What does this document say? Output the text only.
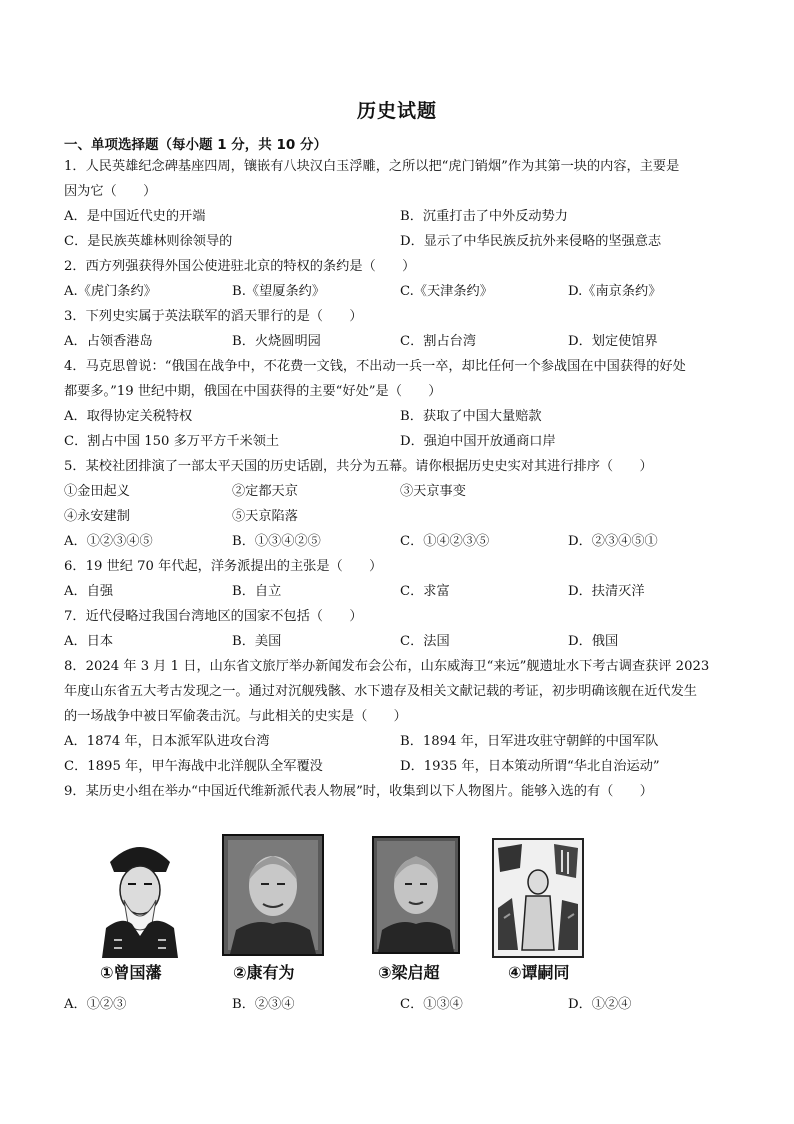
历史试题
一、单项选择题（每小题 1 分，共 10 分）
1．人民英雄纪念碑基座四周，镶嵌有八块汉白玉浮雕，之所以把“虎门销烟”作为其第一块的内容，主要是
因为它（　　）
A．是中国近代史的开端	B．沉重打击了中外反动势力
C．是民族英雄林则徐领导的	D．显示了中华民族反抗外来侵略的坚强意志
2．西方列强获得外国公使进驻北京的特权的条约是（　　）
A.《虎门条约》	B.《望厦条约》	C.《天津条约》	D.《南京条约》
3．下列史实属于英法联军的滔天罪行的是（　　）
A．占领香港岛	B．火烧圆明园	C．割占台湾	D．划定使馆界
4．马克思曾说：“俄国在战争中，不花费一文钱，不出动一兵一卒，却比任何一个参战国在中国获得的好处
都要多。”19 世纪中期，俄国在中国获得的主要“好处”是（　　）
A．取得协定关税特权	B．获取了中国大量赔款
C．割占中国 150 多万平方千米领土	D．强迫中国开放通商口岸
5．某校社团排演了一部太平天国的历史话剧，共分为五幕。请你根据历史史实对其进行排序（　　）
①金田起义	②定都天京	③天京事变
④永安建制	⑤天京陷落
A．①②③④⑤	B．①③④②⑤	C．①④②③⑤	D．②③④⑤①
6．19 世纪 70 年代起，洋务派提出的主张是（　　）
A．自强	B．自立	C．求富	D．扶清灭洋
7．近代侵略过我国台湾地区的国家不包括（　　）
A．日本	B．美国	C．法国	D．俄国
8．2024 年 3 月 1 日，山东省文旅厅举办新闻发布会公布，山东威海卫“来远”舰遗址水下考古调查获评 2023
年度山东省五大考古发现之一。通过对沉舰残骸、水下遗存及相关文献记载的考证，初步明确该舰在近代发生
的一场战争中被日军偷袭击沉。与此相关的史实是（　　）
A．1874 年，日本派军队进攻台湾	B．1894 年，日军进攻驻守朝鲜的中国军队
C．1895 年，甲午海战中北洋舰队全军覆没	D．1935 年，日本策动所谓“华北自治运动”
9．某历史小组在举办“中国近代维新派代表人物展”时，收集到以下人物图片。能够入选的有（　　）
①曾国藩	②康有为	③梁启超	④谭嗣同
A．①②③	B．②③④	C．①③④	D．①②④
